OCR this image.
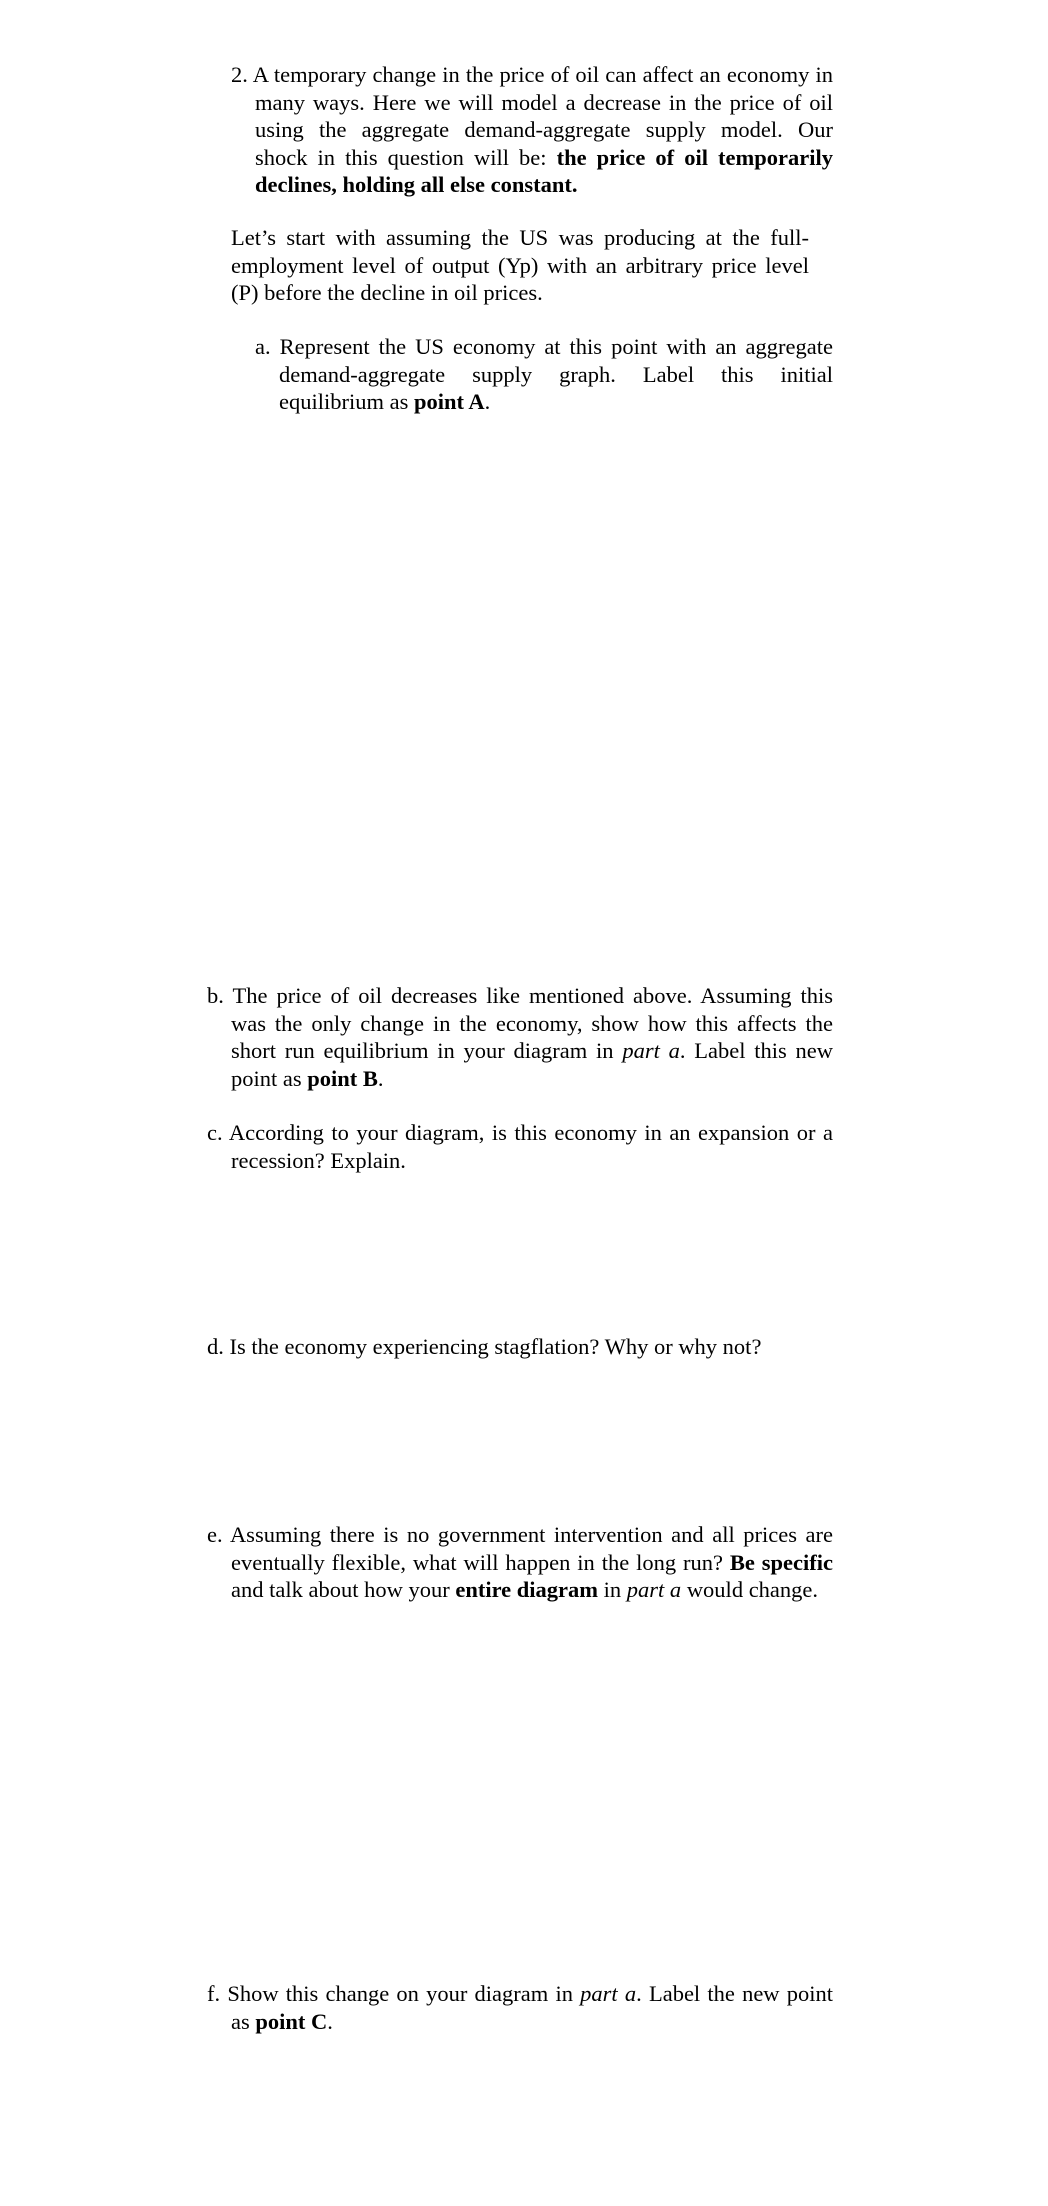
2. A temporary change in the price of oil can affect an economy in many ways. Here we will model a decrease in the price of oil using the aggregate demand-aggregate supply model. Our shock in this question will be: the price of oil temporarily declines, holding all else constant.
Let’s start with assuming the US was producing at the full-employment level of output (Yp) with an arbitrary price level (P) before the decline in oil prices.
a. Represent the US economy at this point with an aggregate demand-aggregate supply graph. Label this initial equilibrium as point A.
b. The price of oil decreases like mentioned above. Assuming this was the only change in the economy, show how this affects the short run equilibrium in your diagram in part a. Label this new point as point B.
c. According to your diagram, is this economy in an expansion or a recession? Explain.
d. Is the economy experiencing stagflation? Why or why not?
e. Assuming there is no government intervention and all prices are eventually flexible, what will happen in the long run? Be specific and talk about how your entire diagram in part a would change.
f. Show this change on your diagram in part a. Label the new point as point C.
